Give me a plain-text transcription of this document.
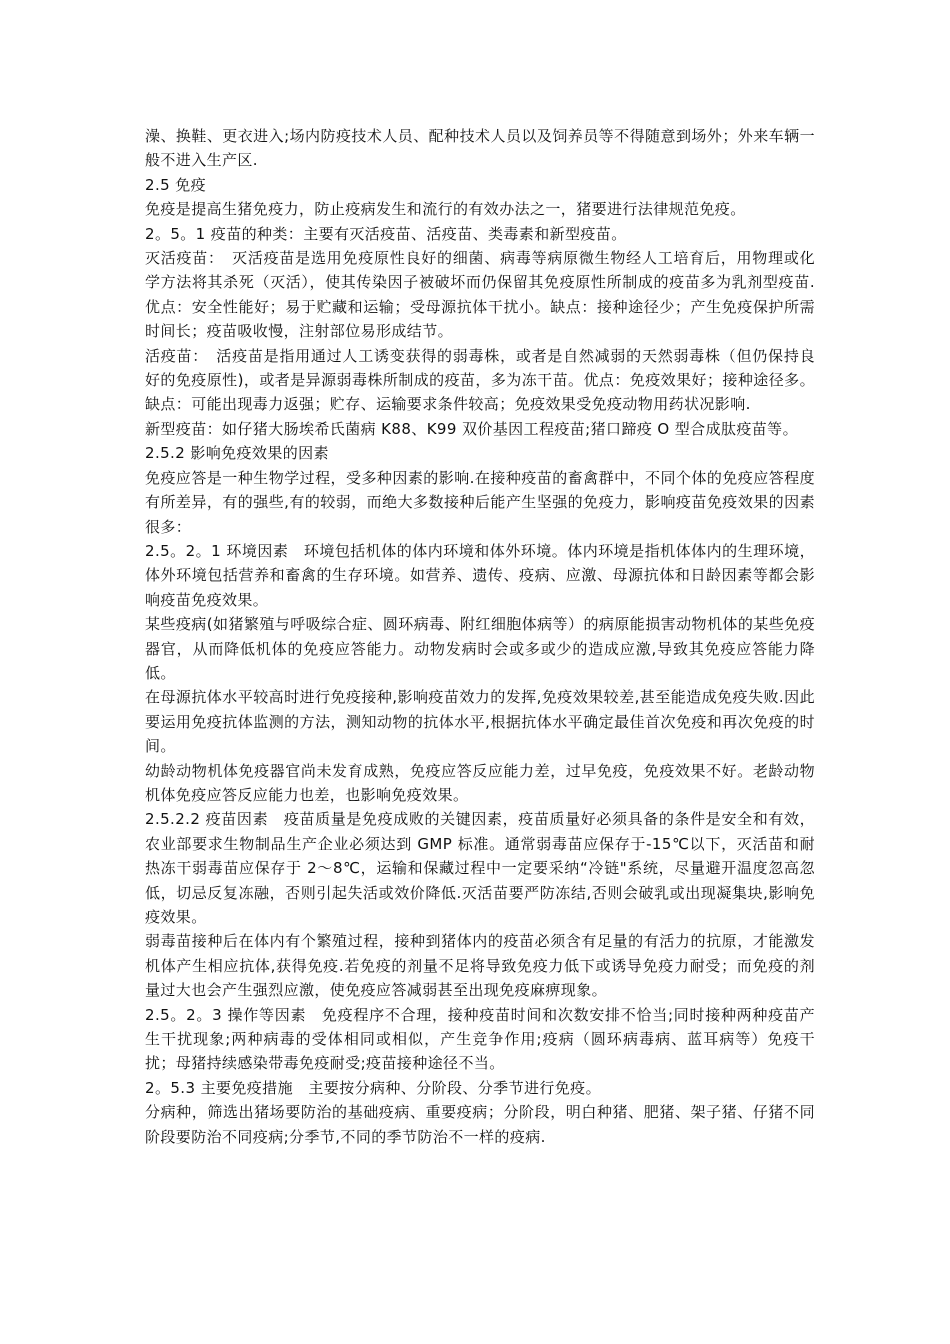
澡、换鞋、更衣进入;场内防疫技术人员、配种技术人员以及饲养员等不得随意到场外；外来车辆一般不进入生产区.

2.5 免疫

免疫是提高生猪免疫力，防止疫病发生和流行的有效办法之一，猪要进行法律规范免疫。

2。5。1 疫苗的种类：主要有灭活疫苗、活疫苗、类毒素和新型疫苗。

灭活疫苗：　灭活疫苗是选用免疫原性良好的细菌、病毒等病原微生物经人工培育后，用物理或化学方法将其杀死（灭活），使其传染因子被破坏而仍保留其免疫原性所制成的疫苗多为乳剂型疫苗.优点：安全性能好；易于贮藏和运输；受母源抗体干扰小。缺点：接种途径少；产生免疫保护所需时间长；疫苗吸收慢，注射部位易形成结节。

活疫苗：　活疫苗是指用通过人工诱变获得的弱毒株，或者是自然减弱的天然弱毒株（但仍保持良好的免疫原性)，或者是异源弱毒株所制成的疫苗，多为冻干苗。优点：免疫效果好；接种途径多。缺点：可能出现毒力返强；贮存、运输要求条件较高；免疫效果受免疫动物用药状况影响.

新型疫苗：如仔猪大肠埃希氏菌病 K88、K99 双价基因工程疫苗;猪口蹄疫 O 型合成肽疫苗等。

2.5.2 影响免疫效果的因素

免疫应答是一种生物学过程，受多种因素的影响.在接种疫苗的畜禽群中，不同个体的免疫应答程度有所差异，有的强些,有的较弱，而绝大多数接种后能产生坚强的免疫力，影响疫苗免疫效果的因素很多：

2.5。2。1 环境因素　环境包括机体的体内环境和体外环境。体内环境是指机体体内的生理环境，体外环境包括营养和畜禽的生存环境。如营养、遗传、疫病、应激、母源抗体和日龄因素等都会影响疫苗免疫效果。

某些疫病(如猪繁殖与呼吸综合症、圆环病毒、附红细胞体病等）的病原能损害动物机体的某些免疫器官，从而降低机体的免疫应答能力。动物发病时会或多或少的造成应激,导致其免疫应答能力降低。

在母源抗体水平较高时进行免疫接种,影响疫苗效力的发挥,免疫效果较差,甚至能造成免疫失败.因此要运用免疫抗体监测的方法，测知动物的抗体水平,根据抗体水平确定最佳首次免疫和再次免疫的时间。

幼龄动物机体免疫器官尚未发育成熟，免疫应答反应能力差，过早免疫，免疫效果不好。老龄动物机体免疫应答反应能力也差，也影响免疫效果。

2.5.2.2 疫苗因素　疫苗质量是免疫成败的关键因素，疫苗质量好必须具备的条件是安全和有效，农业部要求生物制品生产企业必须达到 GMP 标准。通常弱毒苗应保存于-15℃以下，灭活苗和耐热冻干弱毒苗应保存于 2～8℃，运输和保藏过程中一定要采纳“冷链"系统，尽量避开温度忽高忽低，切忌反复冻融，否则引起失活或效价降低.灭活苗要严防冻结,否则会破乳或出现凝集块,影响免疫效果。

弱毒苗接种后在体内有个繁殖过程，接种到猪体内的疫苗必须含有足量的有活力的抗原，才能激发机体产生相应抗体,获得免疫.若免疫的剂量不足将导致免疫力低下或诱导免疫力耐受；而免疫的剂量过大也会产生强烈应激，使免疫应答减弱甚至出现免疫麻痹现象。

2.5。2。3 操作等因素　免疫程序不合理，接种疫苗时间和次数安排不恰当;同时接种两种疫苗产生干扰现象;两种病毒的受体相同或相似，产生竞争作用;疫病（圆环病毒病、蓝耳病等）免疫干扰；母猪持续感染带毒免疫耐受;疫苗接种途径不当。

2。5.3 主要免疫措施　主要按分病种、分阶段、分季节进行免疫。

分病种，筛选出猪场要防治的基础疫病、重要疫病；分阶段，明白种猪、肥猪、架子猪、仔猪不同阶段要防治不同疫病;分季节,不同的季节防治不一样的疫病.
